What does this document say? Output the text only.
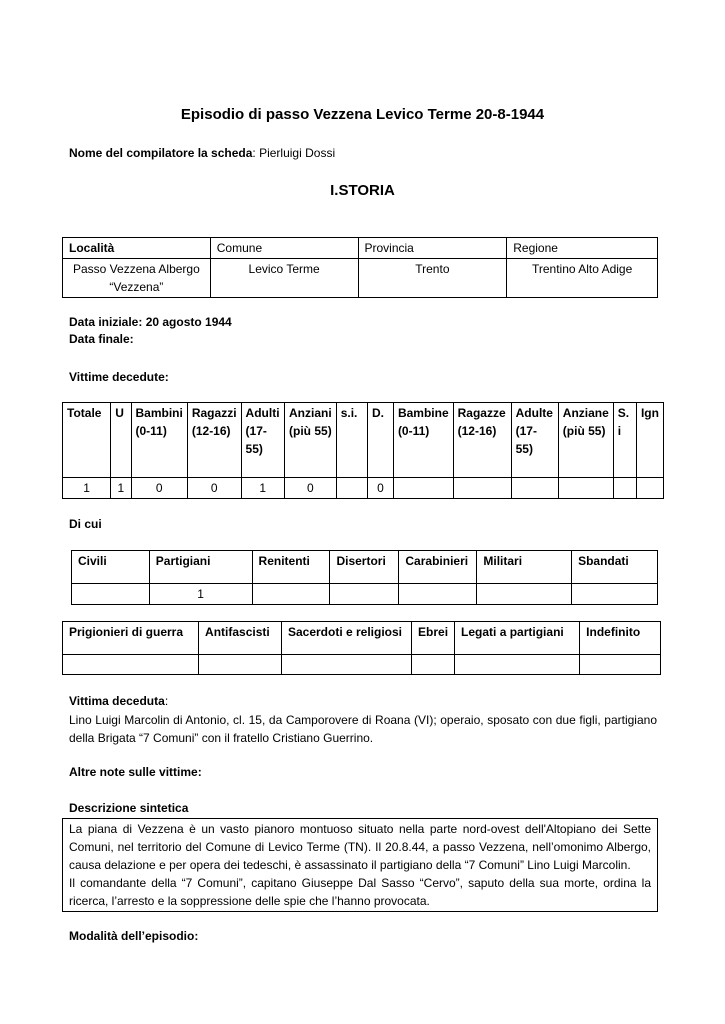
Episodio di passo Vezzena Levico Terme 20-8-1944
Nome del compilatore la scheda: Pierluigi Dossi
I.STORIA
Località	Comune	Provincia	Regione
Passo Vezzena Albergo “Vezzena”	Levico Terme	Trento	Trentino Alto Adige
Data iniziale: 20 agosto 1944
Data finale:
Vittime decedute:
Totale	U	Bambini (0-11)	Ragazzi (12-16)	Adulti (17-55)	Anziani (più 55)	s.i.	D.	Bambine (0-11)	Ragazze (12-16)	Adulte (17-55)	Anziane (più 55)	S. i	Ign
1	1	0	0	1	0		0						
Di cui
Civili	Partigiani	Renitenti	Disertori	Carabinieri	Militari	Sbandati
	1					
Prigionieri di guerra	Antifascisti	Sacerdoti e religiosi	Ebrei	Legati a partigiani	Indefinito

Vittima deceduta:
Lino Luigi Marcolin di Antonio, cl. 15, da Camporovere di Roana (VI); operaio, sposato con due figli, partigiano della Brigata “7 Comuni” con il fratello Cristiano Guerrino.
Altre note sulle vittime:
Descrizione sintetica
La piana di Vezzena è un vasto pianoro montuoso situato nella parte nord-ovest dell'Altopiano dei Sette Comuni, nel territorio del Comune di Levico Terme (TN). Il 20.8.44, a passo Vezzena, nell’omonimo Albergo, causa delazione e per opera dei tedeschi, è assassinato il partigiano della “7 Comuni” Lino Luigi Marcolin.
Il comandante della “7 Comuni”, capitano Giuseppe Dal Sasso “Cervo”, saputo della sua morte, ordina la ricerca, l’arresto e la soppressione delle spie che l’hanno provocata.
Modalità dell’episodio:
